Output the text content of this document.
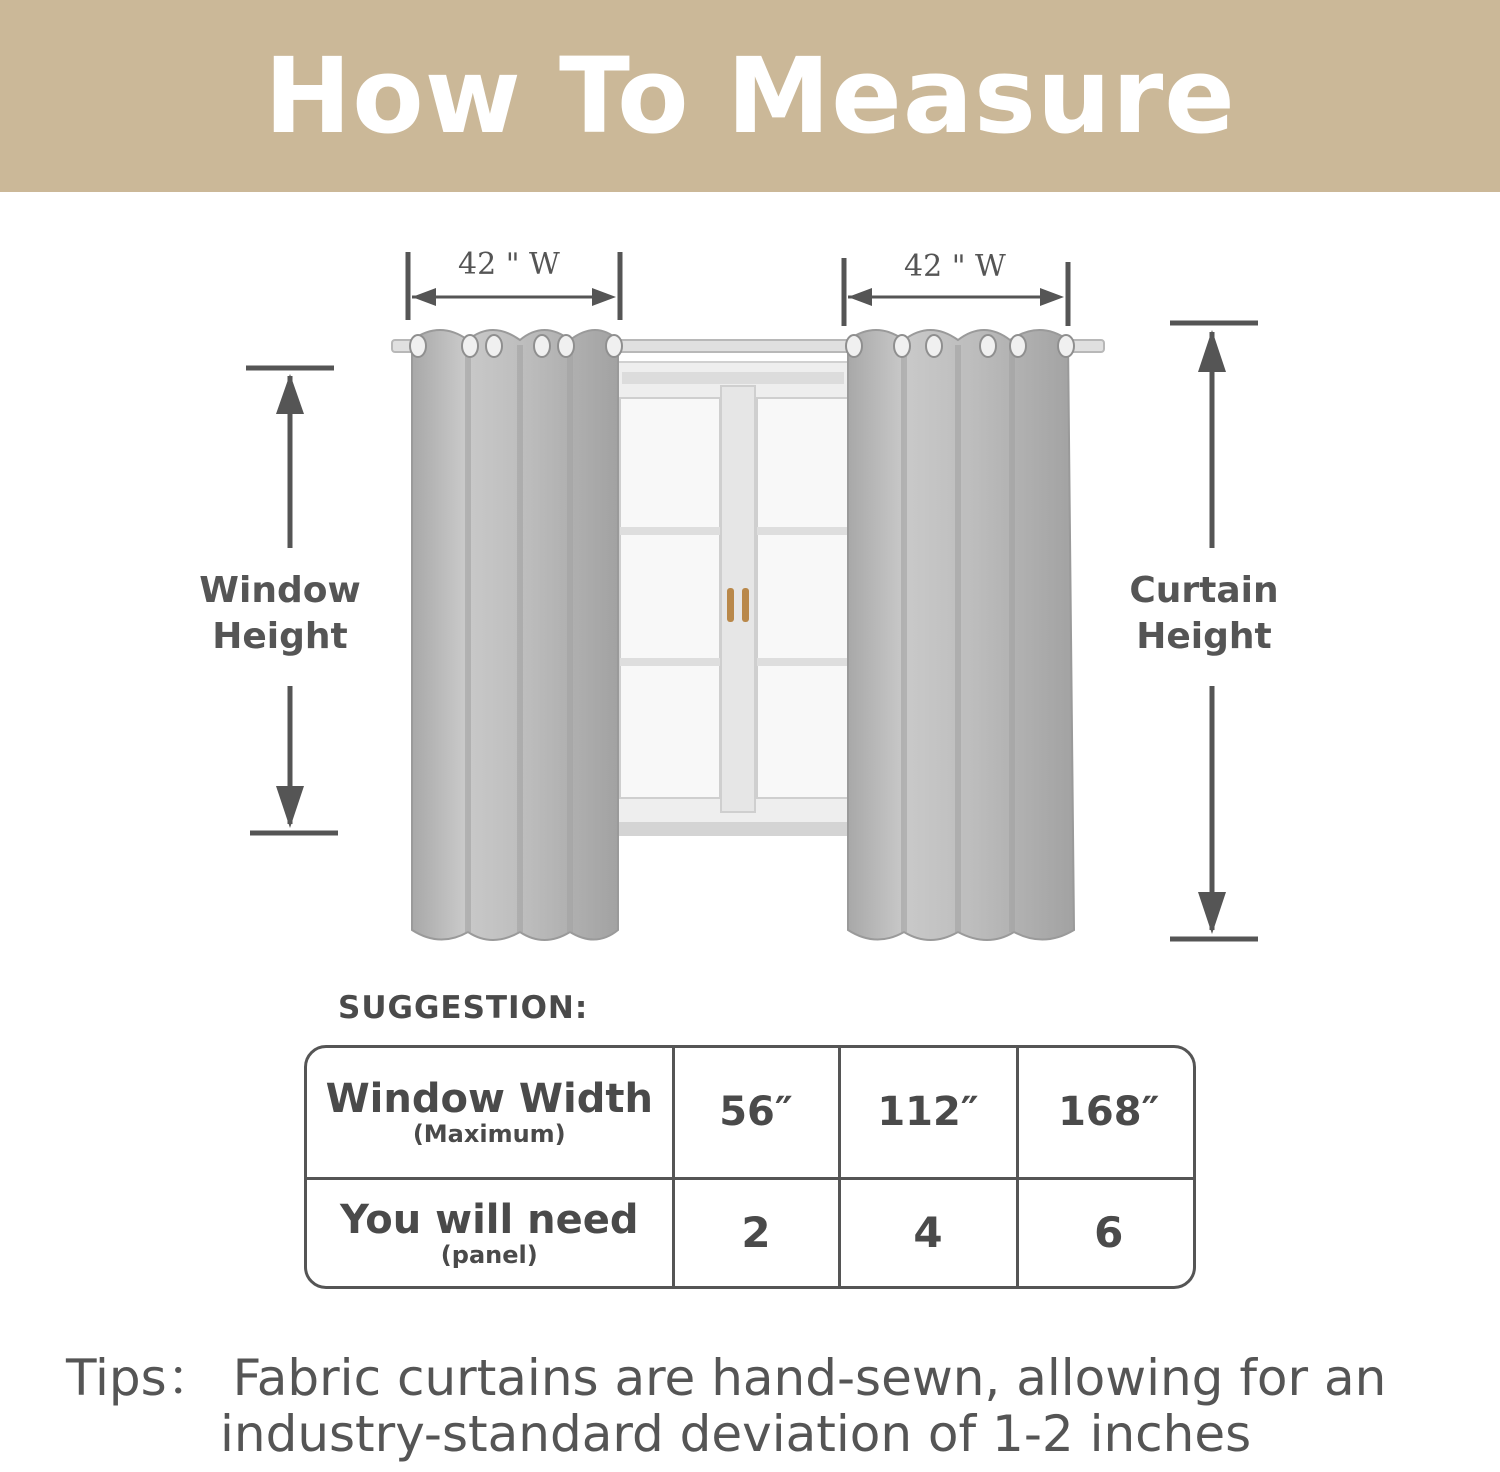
How To Measure
42 " W	42 " W
Window
Height
Curtain
Height
SUGGESTION:
Window Width
(Maximum)	56″	112″	168″
You will need
(panel)	2	4	6
Tips： Fabric curtains are hand-sewn, allowing for an
industry-standard deviation of 1-2 inches
